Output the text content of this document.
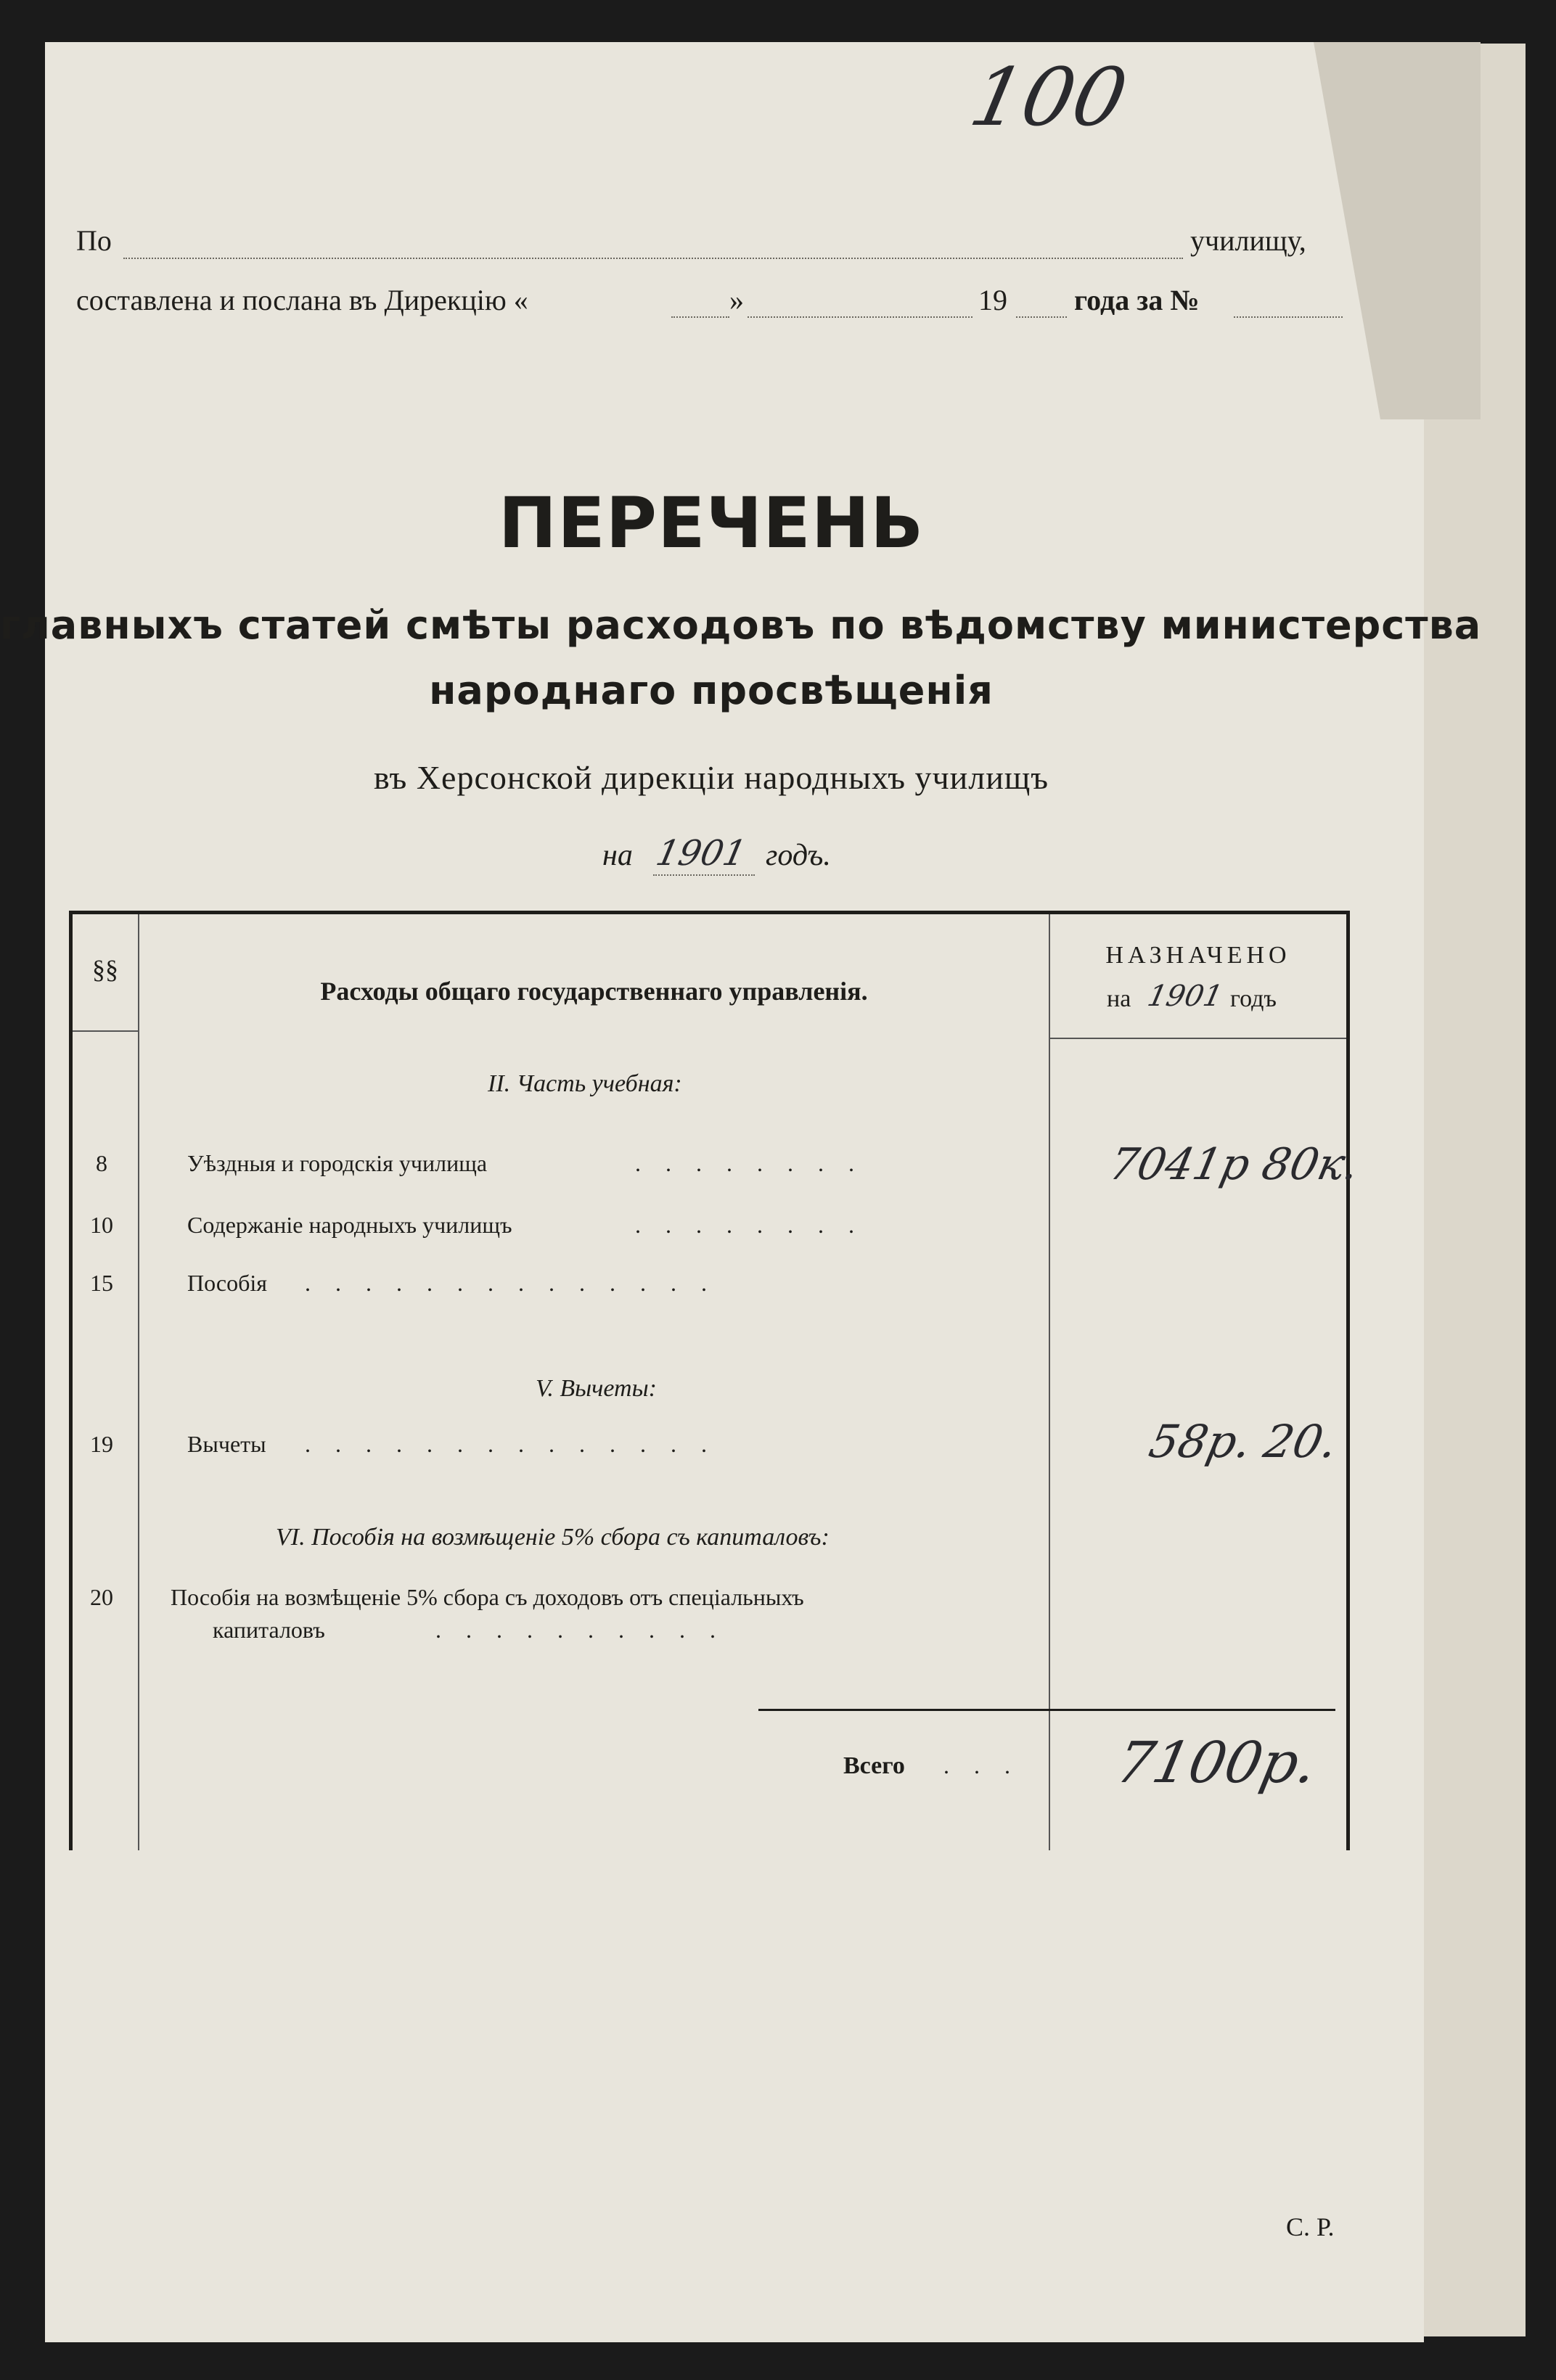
100
По	училищу,
составлена и послана въ Дирекцію «	»	19 года за №
ПЕРЕЧЕНЬ
главныхъ статей смѣты расходовъ по вѣдомству министерства
народнаго просвѣщенія
въ Херсонской дирекціи народныхъ училищъ
на 1901 годъ.
§§
Расходы общаго государственнаго управленія.
НАЗНАЧЕНО
на 1901 годъ
II. Часть учебная:
8	Уѣздныя и городскія училища	........	7041р 80к.
10	Содержаніе народныхъ училищъ	........
15	Пособія ..............
V. Вычеты:
19	Вычеты ..............	58р. 20.
VI. Пособія на возмѣщеніе 5% сбора съ капиталовъ:
20	Пособія на возмѣщеніе 5% сбора съ доходовъ отъ спеціальныхъ
капиталовъ	..........
Всего ... 7100р.
С. Р.
